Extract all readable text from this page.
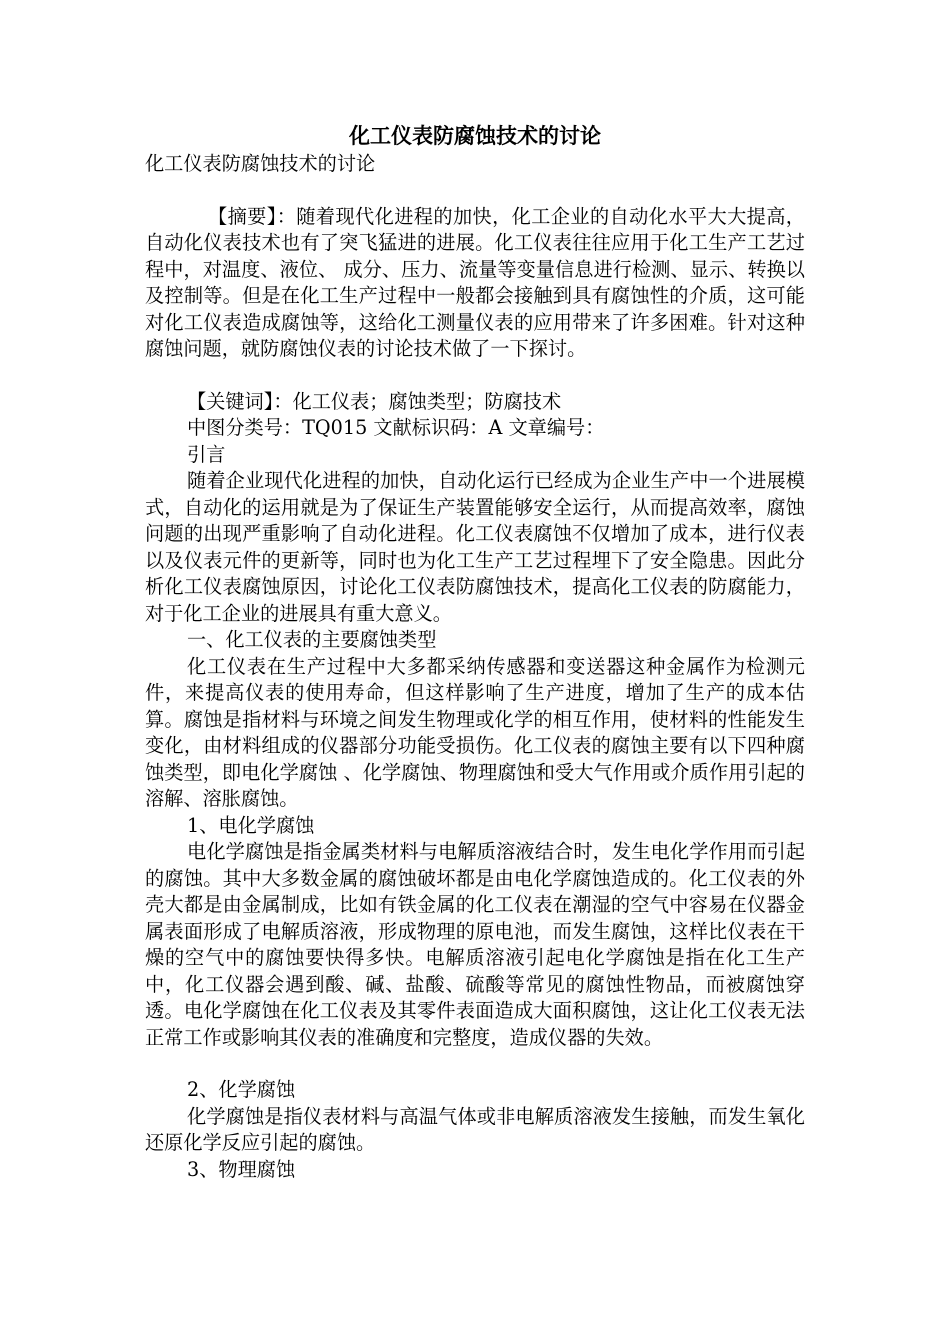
化工仪表防腐蚀技术的讨论

化工仪表防腐蚀技术的讨论

【摘要】：随着现代化进程的加快，化工企业的自动化水平大大提高，自动化仪表技术也有了突飞猛进的进展。化工仪表往往应用于化工生产工艺过程中，对温度、液位、 成分、压力、流量等变量信息进行检测、显示、转换以及控制等。但是在化工生产过程中一般都会接触到具有腐蚀性的介质，这可能对化工仪表造成腐蚀等，这给化工测量仪表的应用带来了许多困难。针对这种腐蚀问题，就防腐蚀仪表的讨论技术做了一下探讨。

【关键词】：化工仪表；腐蚀类型；防腐技术

中图分类号：TQ015 文献标识码：A 文章编号：

引言

随着企业现代化进程的加快，自动化运行已经成为企业生产中一个进展模式，自动化的运用就是为了保证生产装置能够安全运行，从而提高效率，腐蚀问题的出现严重影响了自动化进程。化工仪表腐蚀不仅增加了成本，进行仪表以及仪表元件的更新等，同时也为化工生产工艺过程埋下了安全隐患。因此分析化工仪表腐蚀原因，讨论化工仪表防腐蚀技术，提高化工仪表的防腐能力，对于化工企业的进展具有重大意义。

一、化工仪表的主要腐蚀类型

化工仪表在生产过程中大多都采纳传感器和变送器这种金属作为检测元件，来提高仪表的使用寿命，但这样影响了生产进度，增加了生产的成本估算。腐蚀是指材料与环境之间发生物理或化学的相互作用，使材料的性能发生变化，由材料组成的仪器部分功能受损伤。化工仪表的腐蚀主要有以下四种腐蚀类型，即电化学腐蚀 、化学腐蚀、物理腐蚀和受大气作用或介质作用引起的溶解、溶胀腐蚀。

1、电化学腐蚀

电化学腐蚀是指金属类材料与电解质溶液结合时，发生电化学作用而引起的腐蚀。其中大多数金属的腐蚀破坏都是由电化学腐蚀造成的。化工仪表的外壳大都是由金属制成，比如有铁金属的化工仪表在潮湿的空气中容易在仪器金属表面形成了电解质溶液，形成物理的原电池，而发生腐蚀，这样比仪表在干燥的空气中的腐蚀要快得多快。电解质溶液引起电化学腐蚀是指在化工生产中，化工仪器会遇到酸、碱、盐酸、硫酸等常见的腐蚀性物品，而被腐蚀穿透。电化学腐蚀在化工仪表及其零件表面造成大面积腐蚀，这让化工仪表无法正常工作或影响其仪表的准确度和完整度，造成仪器的失效。

2、化学腐蚀

化学腐蚀是指仪表材料与高温气体或非电解质溶液发生接触，而发生氧化还原化学反应引起的腐蚀。

3、物理腐蚀
